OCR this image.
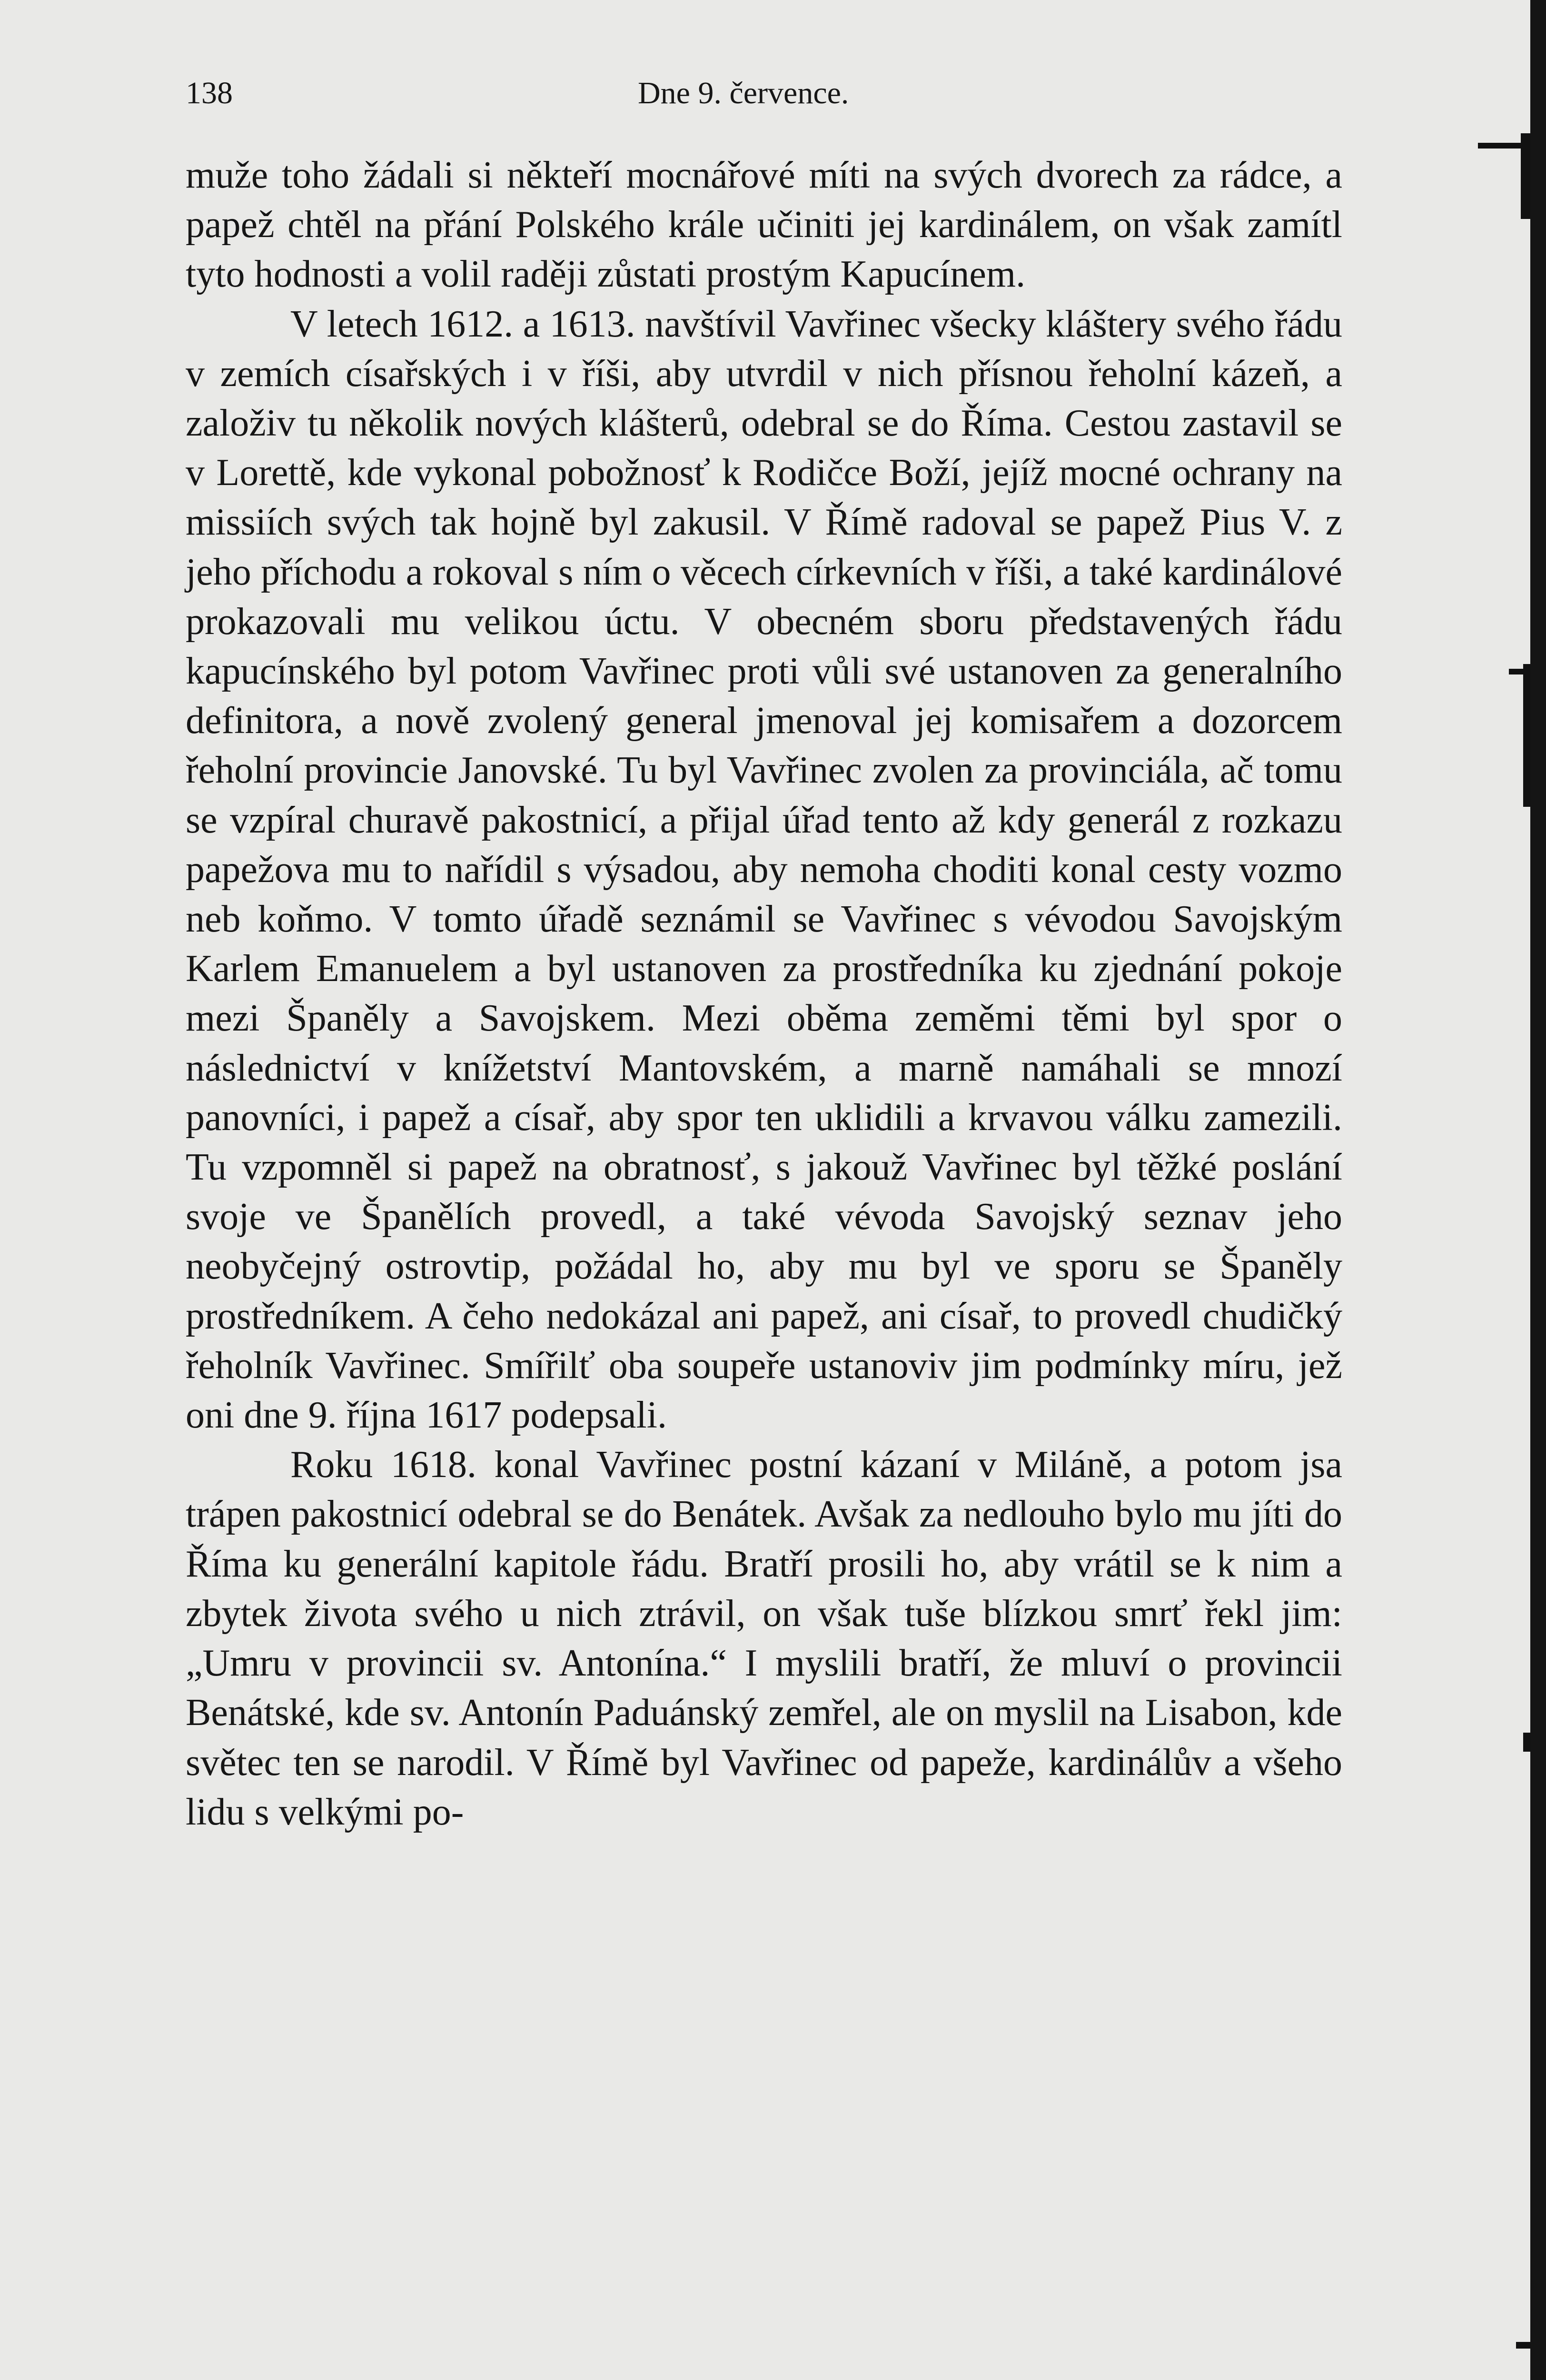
138	Dne 9. července.

muže toho žádali si někteří mocnářové míti na svých dvorech za rádce, a papež chtěl na přání Polského krále učiniti jej kardinálem, on však zamítl tyto hodnosti a volil raději zůstati prostým Kapucínem.

V letech 1612. a 1613. navštívil Vavřinec všecky kláštery svého řádu v zemích císařských i v říši, aby utvrdil v nich přísnou řeholní kázeň, a založiv tu několik nových klášterů, odebral se do Říma. Cestou zastavil se v Lorettě, kde vykonal pobožnosť k Rodičce Boží, jejíž mocné ochrany na missiích svých tak hojně byl zakusil. V Římě radoval se papež Pius V. z jeho příchodu a rokoval s ním o věcech církevních v říši, a také kardinálové prokazovali mu velikou úctu. V obecném sboru představených řádu kapucínského byl potom Vavřinec proti vůli své ustanoven za generalního definitora, a nově zvolený general jmenoval jej komisařem a dozorcem řeholní provincie Janovské. Tu byl Vavřinec zvolen za provinciála, ač tomu se vzpíral churavě pakostnicí, a přijal úřad tento až kdy generál z rozkazu papežova mu to nařídil s výsadou, aby nemoha choditi konal cesty vozmo neb koňmo. V tomto úřadě seznámil se Vavřinec s vévodou Savojským Karlem Emanuelem a byl ustanoven za prostředníka ku zjednání pokoje mezi Španěly a Savojskem. Mezi oběma zeměmi těmi byl spor o následnictví v knížetství Mantovském, a marně namáhali se mnozí panovníci, i papež a císař, aby spor ten uklidili a krvavou válku zamezili. Tu vzpomněl si papež na obratnosť, s jakouž Vavřinec byl těžké poslání svoje ve Španělích provedl, a také vévoda Savojský seznav jeho neobyčejný ostrovtip, požádal ho, aby mu byl ve sporu se Španěly prostředníkem. A čeho nedokázal ani papež, ani císař, to provedl chudičký řeholník Vavřinec. Smířilť oba soupeře ustanoviv jim podmínky míru, jež oni dne 9. října 1617 podepsali.

Roku 1618. konal Vavřinec postní kázaní v Miláně, a potom jsa trápen pakostnicí odebral se do Benátek. Avšak za nedlouho bylo mu jíti do Říma ku generální kapitole řádu. Bratří prosili ho, aby vrátil se k nim a zbytek života svého u nich ztrávil, on však tuše blízkou smrť řekl jim: „Umru v provincii sv. Antonína.“ I myslili bratří, že mluví o provincii Benátské, kde sv. Antonín Paduánský zemřel, ale on myslil na Lisabon, kde světec ten se narodil. V Římě byl Vavřinec od papeže, kardinálův a všeho lidu s velkými po-
